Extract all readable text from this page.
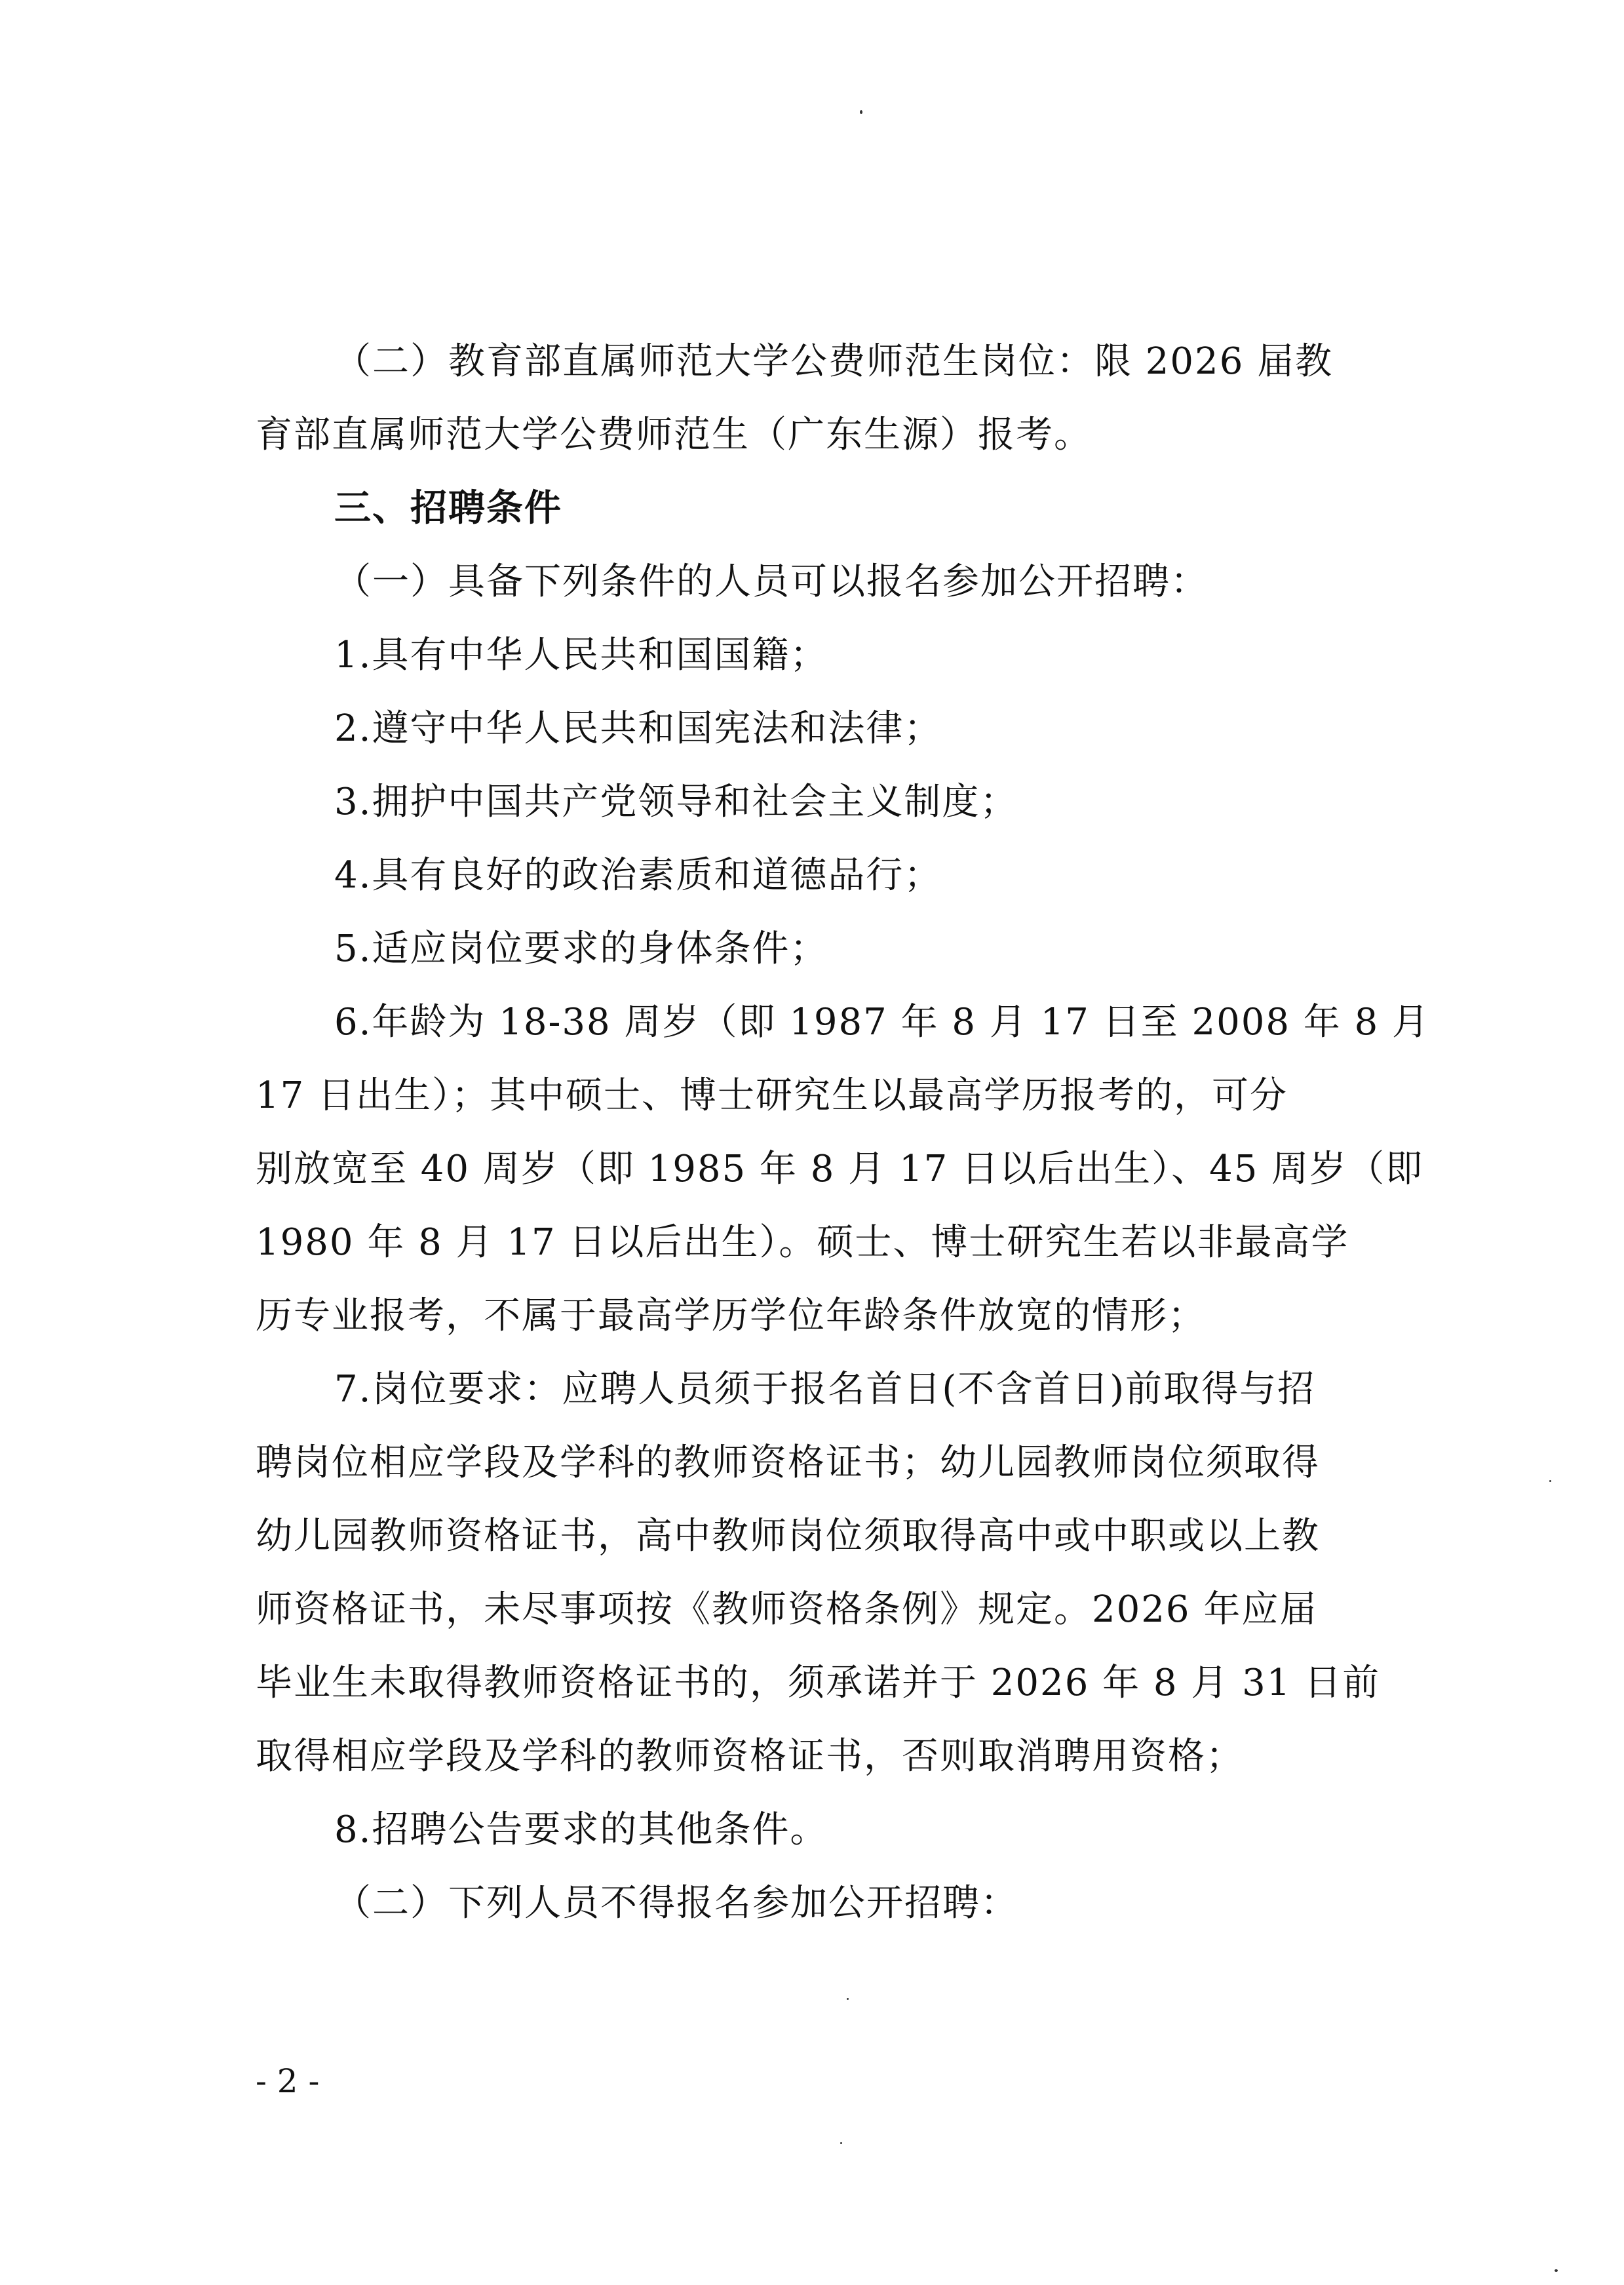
（二）教育部直属师范大学公费师范生岗位：限 2026 届教
育部直属师范大学公费师范生（广东生源）报考。
三、招聘条件
（一）具备下列条件的人员可以报名参加公开招聘：
1.具有中华人民共和国国籍；
2.遵守中华人民共和国宪法和法律；
3.拥护中国共产党领导和社会主义制度；
4.具有良好的政治素质和道德品行；
5.适应岗位要求的身体条件；
6.年龄为 18-38 周岁（即 1987 年 8 月 17 日至 2008 年 8 月
17 日出生）；其中硕士、博士研究生以最高学历报考的，可分
别放宽至 40 周岁（即 1985 年 8 月 17 日以后出生）、45 周岁（即
1980 年 8 月 17 日以后出生）。硕士、博士研究生若以非最高学
历专业报考，不属于最高学历学位年龄条件放宽的情形；
7.岗位要求：应聘人员须于报名首日(不含首日)前取得与招
聘岗位相应学段及学科的教师资格证书；幼儿园教师岗位须取得
幼儿园教师资格证书，高中教师岗位须取得高中或中职或以上教
师资格证书，未尽事项按《教师资格条例》规定。2026 年应届
毕业生未取得教师资格证书的，须承诺并于 2026 年 8 月 31 日前
取得相应学段及学科的教师资格证书，否则取消聘用资格；
8.招聘公告要求的其他条件。
（二）下列人员不得报名参加公开招聘：
- 2 -
